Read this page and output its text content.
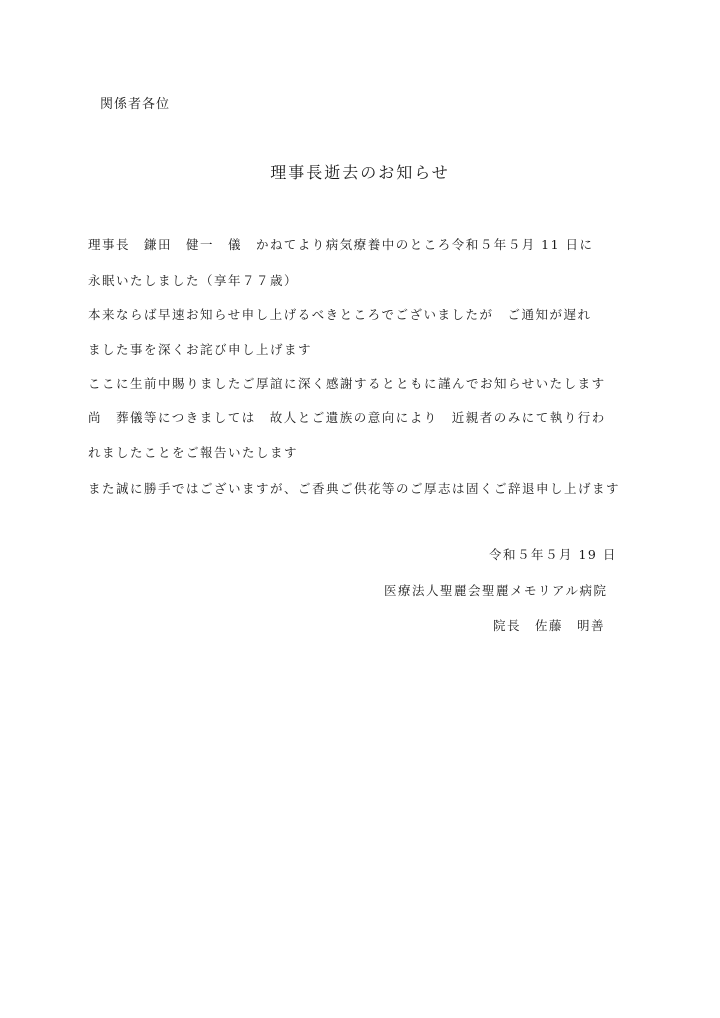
関係者各位
理事長逝去のお知らせ
理事長　鎌田　健一　儀　かねてより病気療養中のところ令和５年５月 11 日に
永眠いたしました（享年７７歳）
本来ならば早速お知らせ申し上げるべきところでございましたが　ご通知が遅れ
ました事を深くお詫び申し上げます
ここに生前中賜りましたご厚誼に深く感謝するとともに謹んでお知らせいたします
尚　葬儀等につきましては　故人とご遺族の意向により　近親者のみにて執り行わ
れましたことをご報告いたします
また誠に勝手ではございますが、ご香典ご供花等のご厚志は固くご辞退申し上げます
令和５年５月 19 日
医療法人聖麗会聖麗メモリアル病院
院長　佐藤　明善
